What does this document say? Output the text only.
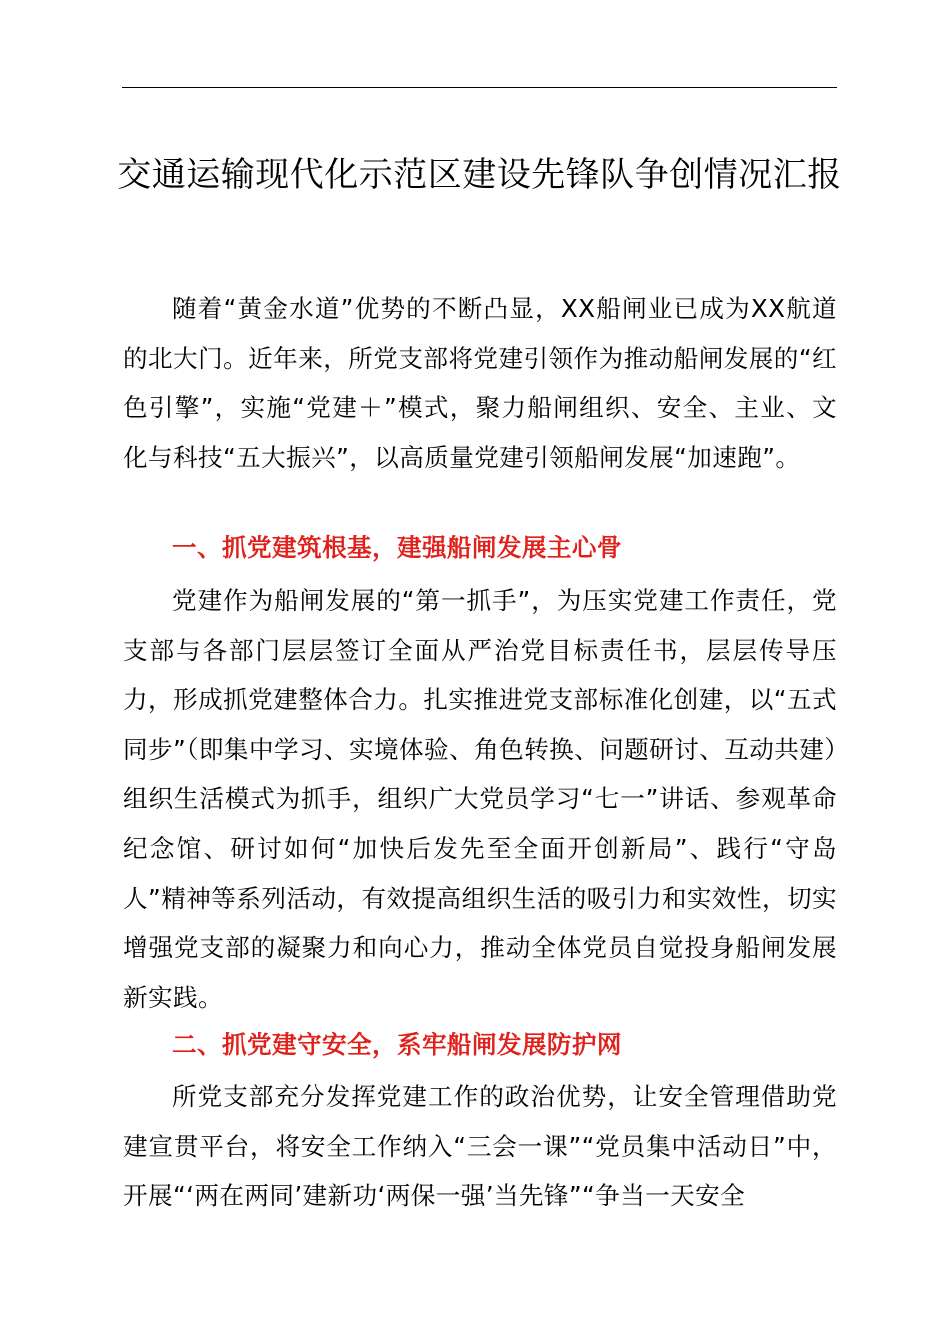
交通运输现代化示范区建设先锋队争创情况汇报

随着“黄金水道”优势的不断凸显，XX船闸业已成为XX航道的北大门。近年来，所党支部将党建引领作为推动船闸发展的“红色引擎”，实施“党建＋”模式，聚力船闸组织、安全、主业、文化与科技“五大振兴”，以高质量党建引领船闸发展“加速跑”。

一、抓党建筑根基，建强船闸发展主心骨

党建作为船闸发展的“第一抓手”，为压实党建工作责任，党支部与各部门层层签订全面从严治党目标责任书，层层传导压力，形成抓党建整体合力。扎实推进党支部标准化创建，以“五式同步”（即集中学习、实境体验、角色转换、问题研讨、互动共建）组织生活模式为抓手，组织广大党员学习“七一”讲话、参观革命纪念馆、研讨如何“加快后发先至全面开创新局”、践行“守岛人”精神等系列活动，有效提高组织生活的吸引力和实效性，切实增强党支部的凝聚力和向心力，推动全体党员自觉投身船闸发展新实践。

二、抓党建守安全，系牢船闸发展防护网

所党支部充分发挥党建工作的政治优势，让安全管理借助党建宣贯平台，将安全工作纳入“三会一课”“党员集中活动日”中，开展“‘两在两同’建新功‘两保一强’当先锋”“争当一天安全
